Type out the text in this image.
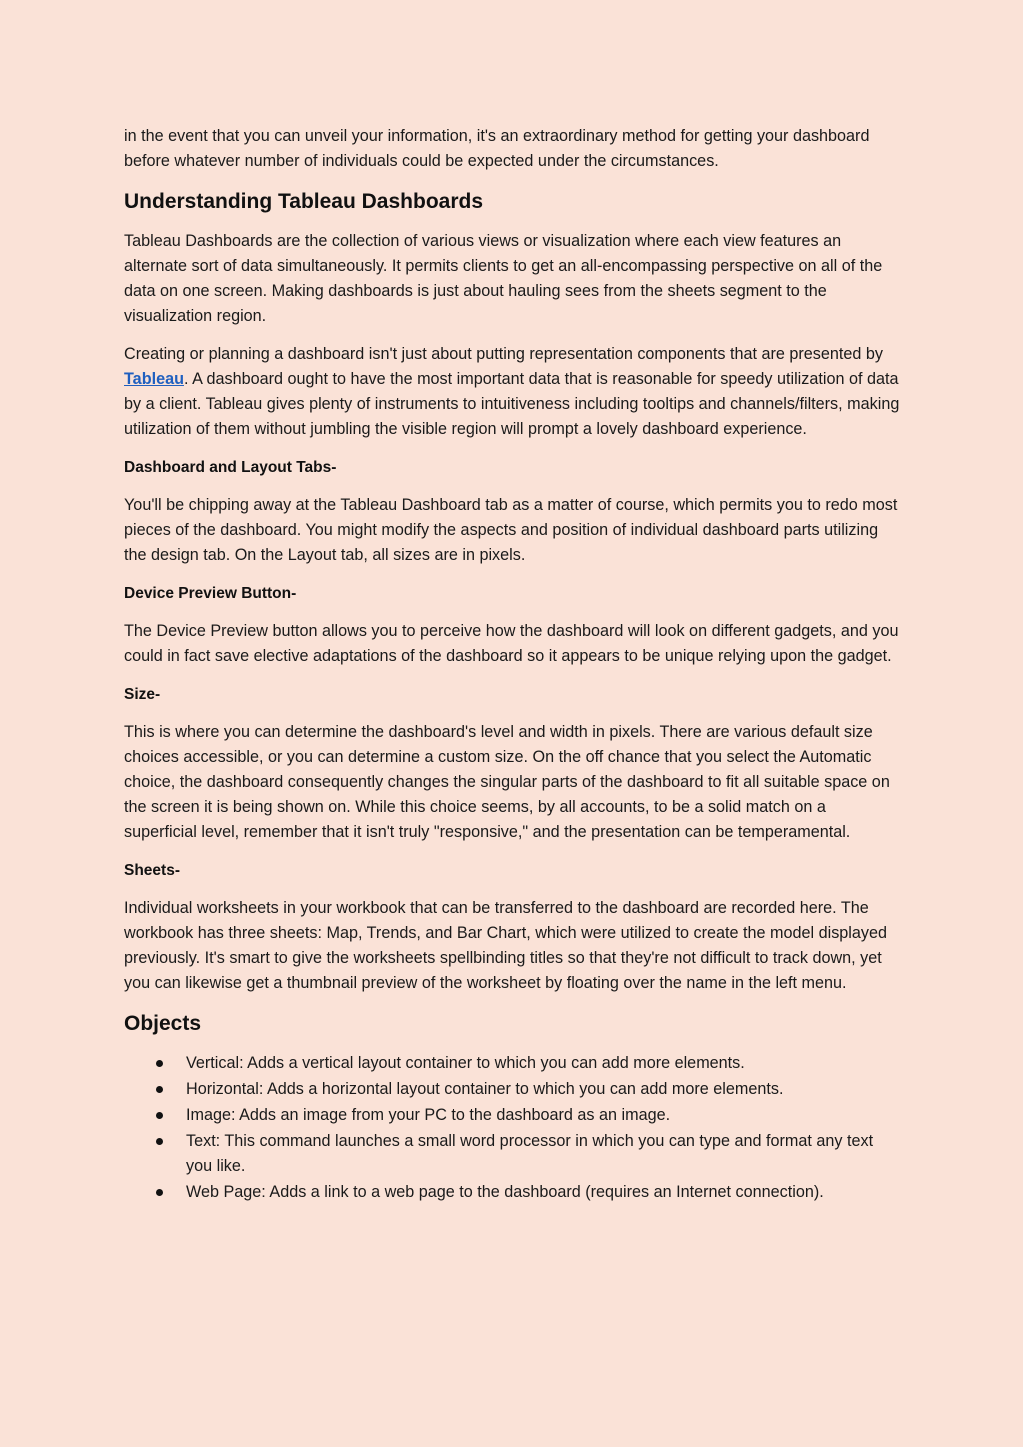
in the event that you can unveil your information, it's an extraordinary method for getting your dashboard before whatever number of individuals could be expected under the circumstances.

Understanding Tableau Dashboards

Tableau Dashboards are the collection of various views or visualization where each view features an alternate sort of data simultaneously. It permits clients to get an all-encompassing perspective on all of the data on one screen. Making dashboards is just about hauling sees from the sheets segment to the visualization region.

Creating or planning a dashboard isn't just about putting representation components that are presented by Tableau. A dashboard ought to have the most important data that is reasonable for speedy utilization of data by a client. Tableau gives plenty of instruments to intuitiveness including tooltips and channels/filters, making utilization of them without jumbling the visible region will prompt a lovely dashboard experience.

Dashboard and Layout Tabs-

You'll be chipping away at the Tableau Dashboard tab as a matter of course, which permits you to redo most pieces of the dashboard. You might modify the aspects and position of individual dashboard parts utilizing the design tab. On the Layout tab, all sizes are in pixels.

Device Preview Button-

The Device Preview button allows you to perceive how the dashboard will look on different gadgets, and you could in fact save elective adaptations of the dashboard so it appears to be unique relying upon the gadget.

Size-

This is where you can determine the dashboard's level and width in pixels. There are various default size choices accessible, or you can determine a custom size. On the off chance that you select the Automatic choice, the dashboard consequently changes the singular parts of the dashboard to fit all suitable space on the screen it is being shown on. While this choice seems, by all accounts, to be a solid match on a superficial level, remember that it isn't truly "responsive," and the presentation can be temperamental.

Sheets-

Individual worksheets in your workbook that can be transferred to the dashboard are recorded here. The workbook has three sheets: Map, Trends, and Bar Chart, which were utilized to create the model displayed previously. It's smart to give the worksheets spellbinding titles so that they're not difficult to track down, yet you can likewise get a thumbnail preview of the worksheet by floating over the name in the left menu.

Objects
Vertical: Adds a vertical layout container to which you can add more elements.
Horizontal: Adds a horizontal layout container to which you can add more elements.
Image: Adds an image from your PC to the dashboard as an image.
Text: This command launches a small word processor in which you can type and format any text you like.
Web Page: Adds a link to a web page to the dashboard (requires an Internet connection).
